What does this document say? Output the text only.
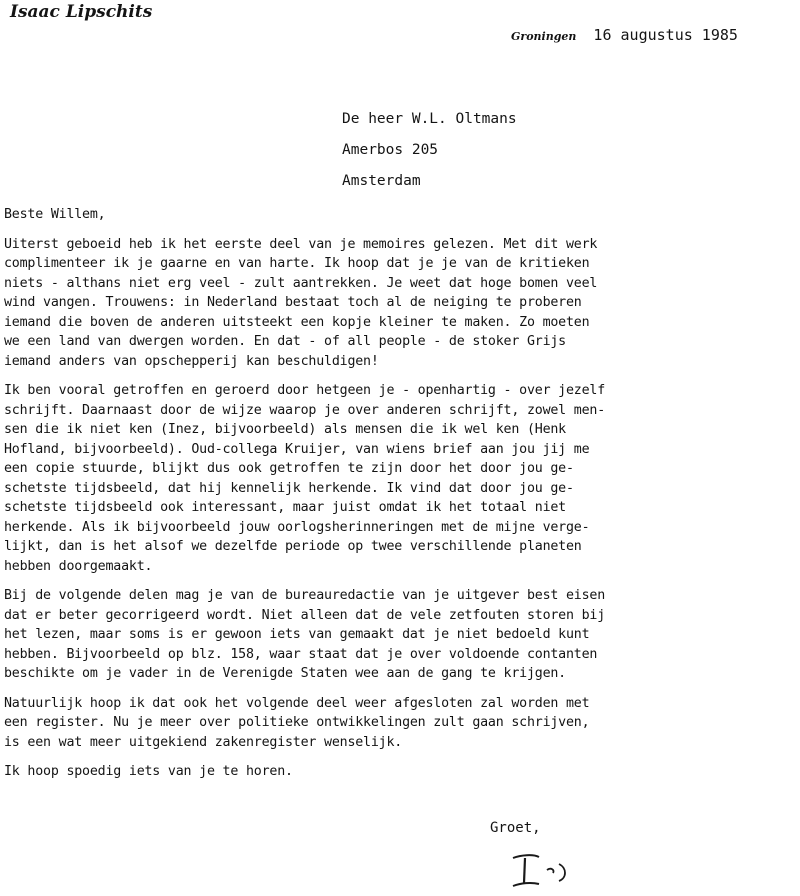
Isaac Lipschits
Groningen 16 augustus 1985
De heer W.L. Oltmans
Amerbos 205
Amsterdam

Beste Willem,

Uiterst geboeid heb ik het eerste deel van je memoires gelezen. Met dit werk

complimenteer ik je gaarne en van harte. Ik hoop dat je je van de kritieken

niets - althans niet erg veel - zult aantrekken. Je weet dat hoge bomen veel

wind vangen. Trouwens: in Nederland bestaat toch al de neiging te proberen

iemand die boven de anderen uitsteekt een kopje kleiner te maken. Zo moeten

we een land van dwergen worden. En dat - of all people - de stoker Grijs

iemand anders van opschepperij kan beschuldigen!

Ik ben vooral getroffen en geroerd door hetgeen je - openhartig - over jezelf

schrijft. Daarnaast door de wijze waarop je over anderen schrijft, zowel men-

sen die ik niet ken (Inez, bijvoorbeeld) als mensen die ik wel ken (Henk

Hofland, bijvoorbeeld). Oud-collega Kruijer, van wiens brief aan jou jij me

een copie stuurde, blijkt dus ook getroffen te zijn door het door jou ge-

schetste tijdsbeeld, dat hij kennelijk herkende. Ik vind dat door jou ge-

schetste tijdsbeeld ook interessant, maar juist omdat ik het totaal niet

herkende. Als ik bijvoorbeeld jouw oorlogsherinneringen met de mijne verge-

lijkt, dan is het alsof we dezelfde periode op twee verschillende planeten

hebben doorgemaakt.

Bij de volgende delen mag je van de bureauredactie van je uitgever best eisen

dat er beter gecorrigeerd wordt. Niet alleen dat de vele zetfouten storen bij

het lezen, maar soms is er gewoon iets van gemaakt dat je niet bedoeld kunt

hebben. Bijvoorbeeld op blz. 158, waar staat dat je over voldoende contanten

beschikte om je vader in de Verenigde Staten wee aan de gang te krijgen.

Natuurlijk hoop ik dat ook het volgende deel weer afgesloten zal worden met

een register. Nu je meer over politieke ontwikkelingen zult gaan schrijven,

is een wat meer uitgekiend zakenregister wenselijk.

Ik hoop spoedig iets van je te horen.

Groet,
